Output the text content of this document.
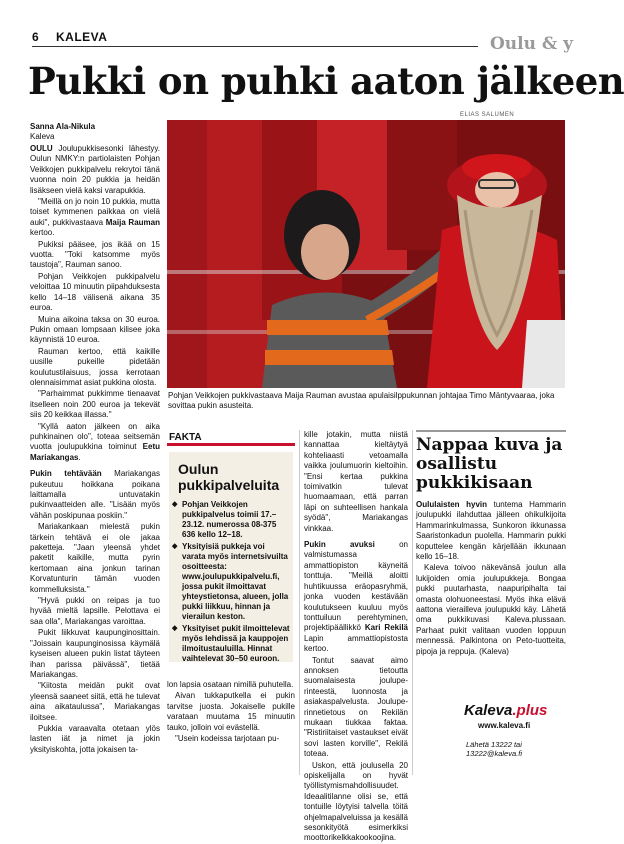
6 KALEVA	Oulu & y
Pukki on puhki aaton jälkeen
Sanna Ala-Nikula
Kaleva

OULU Joulupukkisesonki lähestyy. Oulun NMKY:n partiolaisten Pohjan Veikkojen pukkipalvelu rekrytoi tänä vuonna noin 20 pukkia ja heidän lisäkseen vielä kaksi varapukkia.

"Meillä on jo noin 10 pukkia, mutta toiset kymmenen paikkaa on vielä auki", pukkivastaava Maija Rauman kertoo.

Pukiksi pääsee, jos ikää on 15 vuotta. "Toki katsomme myös taustoja", Rauman sanoo.

Pohjan Veikkojen pukkipalvelu veloittaa 10 minuutin piipahduksesta kello 14–18 välisenä aikana 35 euroa.

Muina aikoina taksa on 30 euroa. Pukin omaan lompsaan kilisee joka käynnistä 10 euroa.

Rauman kertoo, että kaikille uusille pukeille pidetään koulutustilaisuus, jossa kerrotaan olennaisimmat asiat pukkina olosta.

"Parhaimmat pukkimme tienaavat itselleen noin 200 euroa ja tekevät siis 20 keikkaa illassa."

"Kyllä aaton jälkeen on aika puhkinainen olo", toteaa seitsemän vuotta joulupukkina toiminut Eetu Mariakangas.

Pukin tehtävään Mariakangas pukeutuu hoikkana poikana laittamalla untuvatakin pukinvaatteiden alle. "Lisään myös vähän poskipunaa poskiin."

Mariakankaan mielestä pukin tärkein tehtävä ei ole jakaa paketteja. "Jaan yleensä yhdet paketit kaikille, mutta pyrin kertomaan aina jonkun tarinan Korvatunturin tämän vuoden kommelluksista."

"Hyvä pukki on reipas ja tuo hyvää mieltä lapsille. Pelottava ei saa olla", Mariakangas varoittaa.

Pukit liikkuvat kaupunginosittain. "Joissain kaupunginosissa käymälä kyseisen alueen pukin listat täyteen ihan parissa päivässä", tietää Mariakangas.

"Kiitosta meidän pukit ovat yleensä saaneet siitä, että he tulevat aina aikataulussa", Mariakangas iloitsee.

Pukkia varaavalta otetaan ylös lasten iät ja nimet ja jokin yksityiskohta, jotta jokaisen ta-

ELIAS SALUMEN
Pohjan Veikkojen pukkivastaava Maija Rauman avustaa apulaisilppukunnan johtajaa Timo Mäntyvaaraa, joka sovittaa pukin asusteita.
FAKTA
Oulun pukkipalveluita
◆ Pohjan Veikkojen pukkipalvelus toimii 17.–23.12. numerossa 08-375 636 kello 12–18.
◆ Yksityisiä pukkeja voi varata myös internetsivuilta osoitteesta: www.joulupukkipalvelu.fi, jossa pukit ilmoittavat yhteystietonsa, alueen, jolla pukki liikkuu, hinnan ja vierailun keston.
◆ Yksityiset pukit ilmoittelevat myös lehdissä ja kauppojen ilmoitustauluilla. Hinnat vaihtelevat 30–50 euroon.

lon lapsia osataan nimillä puhutella.

Aivan tukkaputkella ei pukin tarvitse juosta. Jokaiselle pukille varataan muutama 15 minuutin tauko, jolloin voi evästellä.

"Usein kodeissa tarjotaan pu-

kille jotakin, mutta niistä kannattaa kieltäytyä kohteliaasti vetoamalla vaikka joulumuorin kieltoihin. "Ensi kertaa pukkina toimivatkin tulevat huomaamaan, että parran läpi on suhteellisen hankala syödä", Mariakangas vinkkaa.

Pukin avuksi on valmistumassa ammattiopiston käyneitä tonttuja. "Meillä aloitti huhtikuussa eräopasryhmä, jonka vuoden kestävään koulutukseen kuuluu myös tonttuiluun perehtyminen, projektipäällikkö Kari Rekilä Lapin ammattiopistosta kertoo.

Tontut saavat aimo annoksen tietoutta suomalaisesta joulupe-rinteestä, luonnosta ja asiakaspalvelusta. Joulupe-rinnetietous on Rekilän mukaan tiukkaa faktaa. "Ristiriitaiset vastaukset eivät sovi lasten korville", Rekilä toteaa.

Uskon, että joulusella 20 opiskelijalla on hyvät työllistymismahdollisuudet. Ideaalitilanne olisi se, että tontuille löytyisi talvella töitä ohjelmapalveluissa ja kesällä sesonkityötä esimerkiksi moottorikelkkakookoojina.

Nappaa kuva ja osallistu pukkikisaan

Oululaisten hyvin tuntema Hammarin joulupukki ilahduttaa jälleen ohikulkijoita Hammarinkulmassa, Sunkoron ikkunassa Saaristonkadun puolella. Hammarin pukki koputtelee kengän kärjellään ikkunaan kello 16–18.

Kaleva toivoo näkevänsä joulun alla lukijoiden omia joulupukkeja. Bongaa pukki puutarhasta, naapuripihalta tai omasta olohuoneestasi. Myös ihka elävä aattona vierailleva joulupukki käy. Lähetä oma pukkikuvasi Kaleva.plussaan. Parhaat pukit valitaan vuoden loppuun mennessä. Palkintona on Peto-tuotteita, pipoja ja reppuja. (Kaleva)

Kaleva.plus
www.kaleva.fi
Lähetä 13222 tai
13222@kaleva.fi
